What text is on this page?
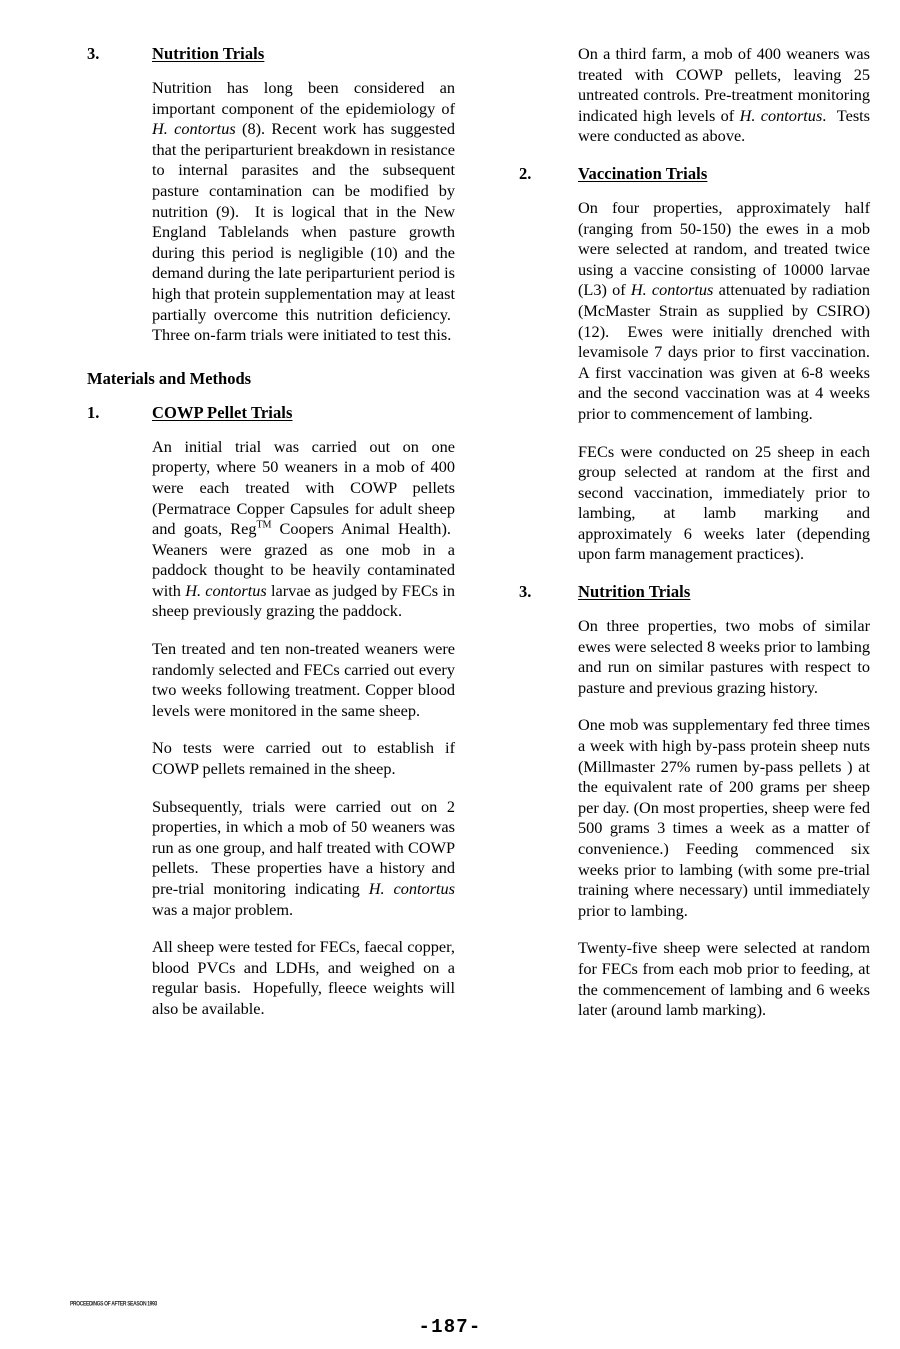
3.	Nutrition Trials

Nutrition has long been considered an important component of the epidemiology of H. contortus (8). Recent work has suggested that the periparturient breakdown in resistance to internal parasites and the subsequent pasture contamination can be modified by nutrition (9).  It is logical that in the New England Tablelands when pasture growth during this period is negligible (10) and the demand during the late periparturient period is high that protein supplementation may at least partially overcome this nutrition deficiency.  Three on-farm trials were initiated to test this.

Materials and Methods
1.	COWP Pellet Trials

An initial trial was carried out on one property, where 50 weaners in a mob of 400 were each treated with COWP pellets (Permatrace Copper Capsules for adult sheep and goats, Reg™ Coopers Animal Health).  Weaners were grazed as one mob in a paddock thought to be heavily contaminated with H. contortus larvae as judged by FECs in sheep previously grazing the paddock.

Ten treated and ten non-treated weaners were randomly selected and FECs carried out every two weeks following treatment. Copper blood levels were monitored in the same sheep.

No tests were carried out to establish if COWP pellets remained in the sheep.

Subsequently, trials were carried out on 2 properties, in which a mob of 50 weaners was run as one group, and half treated with COWP pellets.  These properties have a history and pre-trial monitoring indicating H. contortus was a major problem.

All sheep were tested for FECs, faecal copper, blood PVCs and LDHs, and weighed on a regular basis.  Hopefully, fleece weights will also be available.

On a third farm, a mob of 400 weaners was treated with COWP pellets, leaving 25 untreated controls. Pre-treatment monitoring indicated high levels of H. contortus.  Tests were conducted as above.

2.	Vaccination Trials

On four properties, approximately half (ranging from 50-150) the ewes in a mob were selected at random, and treated twice using a vaccine consisting of 10000 larvae (L3) of H. contortus attenuated by radiation (McMaster Strain as supplied by CSIRO) (12).  Ewes were initially drenched with levamisole 7 days prior to first vaccination. A first vaccination was given at 6-8 weeks and the second vaccination was at 4 weeks prior to commencement of lambing.

FECs were conducted on 25 sheep in each group selected at random at the first and second vaccination, immediately prior to lambing, at lamb marking and approximately 6 weeks later (depending upon farm management practices).

3.	Nutrition Trials

On three properties, two mobs of similar ewes were selected 8 weeks prior to lambing and run on similar pastures with respect to pasture and previous grazing history.

One mob was supplementary fed three times a week with high by-pass protein sheep nuts (Millmaster 27% rumen by-pass pellets ) at the equivalent rate of 200 grams per sheep per day. (On most properties, sheep were fed 500 grams 3 times a week as a matter of convenience.) Feeding commenced six weeks prior to lambing (with some pre-trial training where necessary) until immediately prior to lambing.

Twenty-five sheep were selected at random for FECs from each mob prior to feeding, at the commencement of lambing and 6 weeks later (around lamb marking).

PROCEEDINGS OF AFTER SEASON 1993
-187-
